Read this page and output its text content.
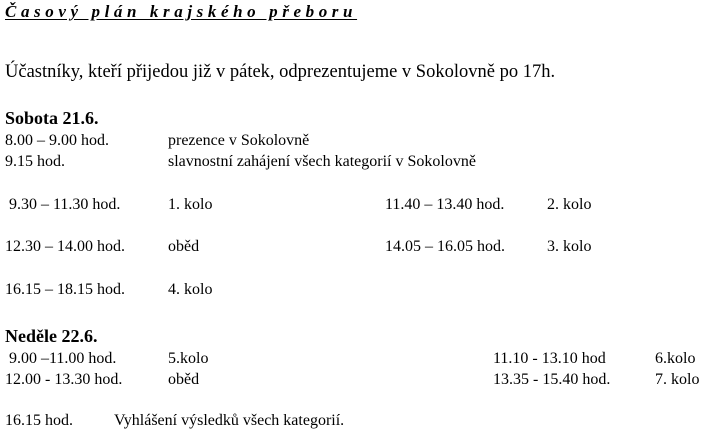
Časový plán krajského přeboru
Účastníky, kteří přijedou již v pátek, odprezentujeme v Sokolovně po 17h.
Sobota 21.6.
8.00 – 9.00 hod.	prezence v Sokolovně
9.15 hod.	slavnostní zahájení všech kategorií v Sokolovně
9.30 – 11.30 hod.	1. kolo	11.40 – 13.40 hod.	2. kolo
12.30 – 14.00 hod.	oběd	14.05 – 16.05 hod.	3. kolo
16.15 – 18.15 hod.	4. kolo
Neděle 22.6.
9.00 –11.00 hod.	5.kolo	11.10 - 13.10 hod	6.kolo
12.00 - 13.30 hod.	oběd	13.35 - 15.40 hod.	7. kolo
16.15 hod.	Vyhlášení výsledků všech kategorií.
